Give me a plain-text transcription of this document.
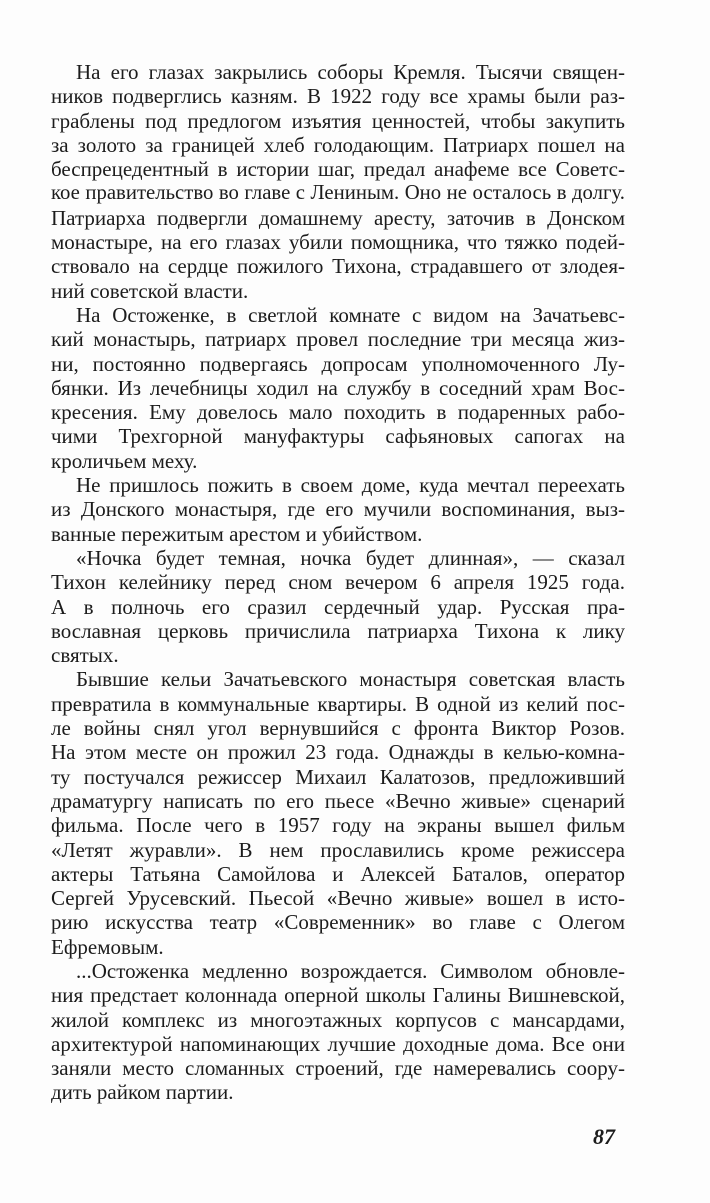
На его глазах закрылись соборы Кремля. Тысячи священ-
ников подверглись казням. В 1922 году все храмы были раз-
граблены под предлогом изъятия ценностей, чтобы закупить
за золото за границей хлеб голодающим. Патриарх пошел на
беспрецедентный в истории шаг, предал анафеме все Советс-
кое правительство во главе с Лениным. Оно не осталось в долгу.
Патриарха подвергли домашнему аресту, заточив в Донском
монастыре, на его глазах убили помощника, что тяжко подей-
ствовало на сердце пожилого Тихона, страдавшего от злодея-
ний советской власти.
На Остоженке, в светлой комнате с видом на Зачатьевс-
кий монастырь, патриарх провел последние три месяца жиз-
ни, постоянно подвергаясь допросам уполномоченного Лу-
бянки. Из лечебницы ходил на службу в соседний храм Вос-
кресения. Ему довелось мало походить в подаренных рабо-
чими Трехгорной мануфактуры сафьяновых сапогах на
кроличьем меху.
Не пришлось пожить в своем доме, куда мечтал переехать
из Донского монастыря, где его мучили воспоминания, выз-
ванные пережитым арестом и убийством.
«Ночка будет темная, ночка будет длинная», — сказал
Тихон келейнику перед сном вечером 6 апреля 1925 года.
А в полночь его сразил сердечный удар. Русская пра-
вославная церковь причислила патриарха Тихона к лику
святых.
Бывшие кельи Зачатьевского монастыря советская власть
превратила в коммунальные квартиры. В одной из келий пос-
ле войны снял угол вернувшийся с фронта Виктор Розов.
На этом месте он прожил 23 года. Однажды в келью-комна-
ту постучался режиссер Михаил Калатозов, предложивший
драматургу написать по его пьесе «Вечно живые» сценарий
фильма. После чего в 1957 году на экраны вышел фильм
«Летят журавли». В нем прославились кроме режиссера
актеры Татьяна Самойлова и Алексей Баталов, оператор
Сергей Урусевский. Пьесой «Вечно живые» вошел в исто-
рию искусства театр «Современник» во главе с Олегом
Ефремовым.
...Остоженка медленно возрождается. Символом обновле-
ния предстает колоннада оперной школы Галины Вишневской,
жилой комплекс из многоэтажных корпусов с мансардами,
архитектурой напоминающих лучшие доходные дома. Все они
заняли место сломанных строений, где намеревались соору-
дить райком партии.
87
